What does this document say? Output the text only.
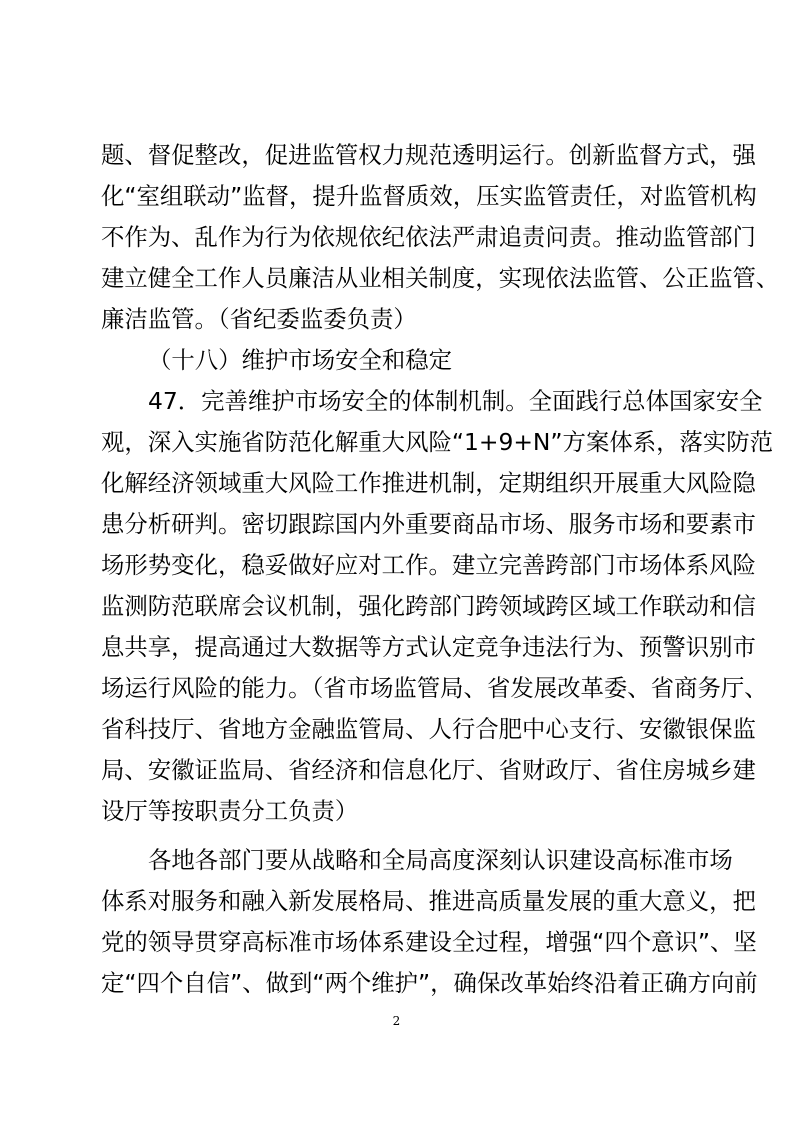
题、督促整改，促进监管权力规范透明运行。创新监督方式，强
化“室组联动”监督，提升监督质效，压实监管责任，对监管机构
不作为、乱作为行为依规依纪依法严肃追责问责。推动监管部门
建立健全工作人员廉洁从业相关制度，实现依法监管、公正监管、
廉洁监管。（省纪委监委负责）
（十八）维护市场安全和稳定
47．完善维护市场安全的体制机制。全面践行总体国家安全
观，深入实施省防范化解重大风险“1+9+N”方案体系，落实防范
化解经济领域重大风险工作推进机制，定期组织开展重大风险隐
患分析研判。密切跟踪国内外重要商品市场、服务市场和要素市
场形势变化，稳妥做好应对工作。建立完善跨部门市场体系风险
监测防范联席会议机制，强化跨部门跨领域跨区域工作联动和信
息共享，提高通过大数据等方式认定竞争违法行为、预警识别市
场运行风险的能力。（省市场监管局、省发展改革委、省商务厅、
省科技厅、省地方金融监管局、人行合肥中心支行、安徽银保监
局、安徽证监局、省经济和信息化厅、省财政厅、省住房城乡建
设厅等按职责分工负责）
各地各部门要从战略和全局高度深刻认识建设高标准市场
体系对服务和融入新发展格局、推进高质量发展的重大意义，把
党的领导贯穿高标准市场体系建设全过程，增强“四个意识”、坚
定“四个自信”、做到“两个维护”，确保改革始终沿着正确方向前
2
